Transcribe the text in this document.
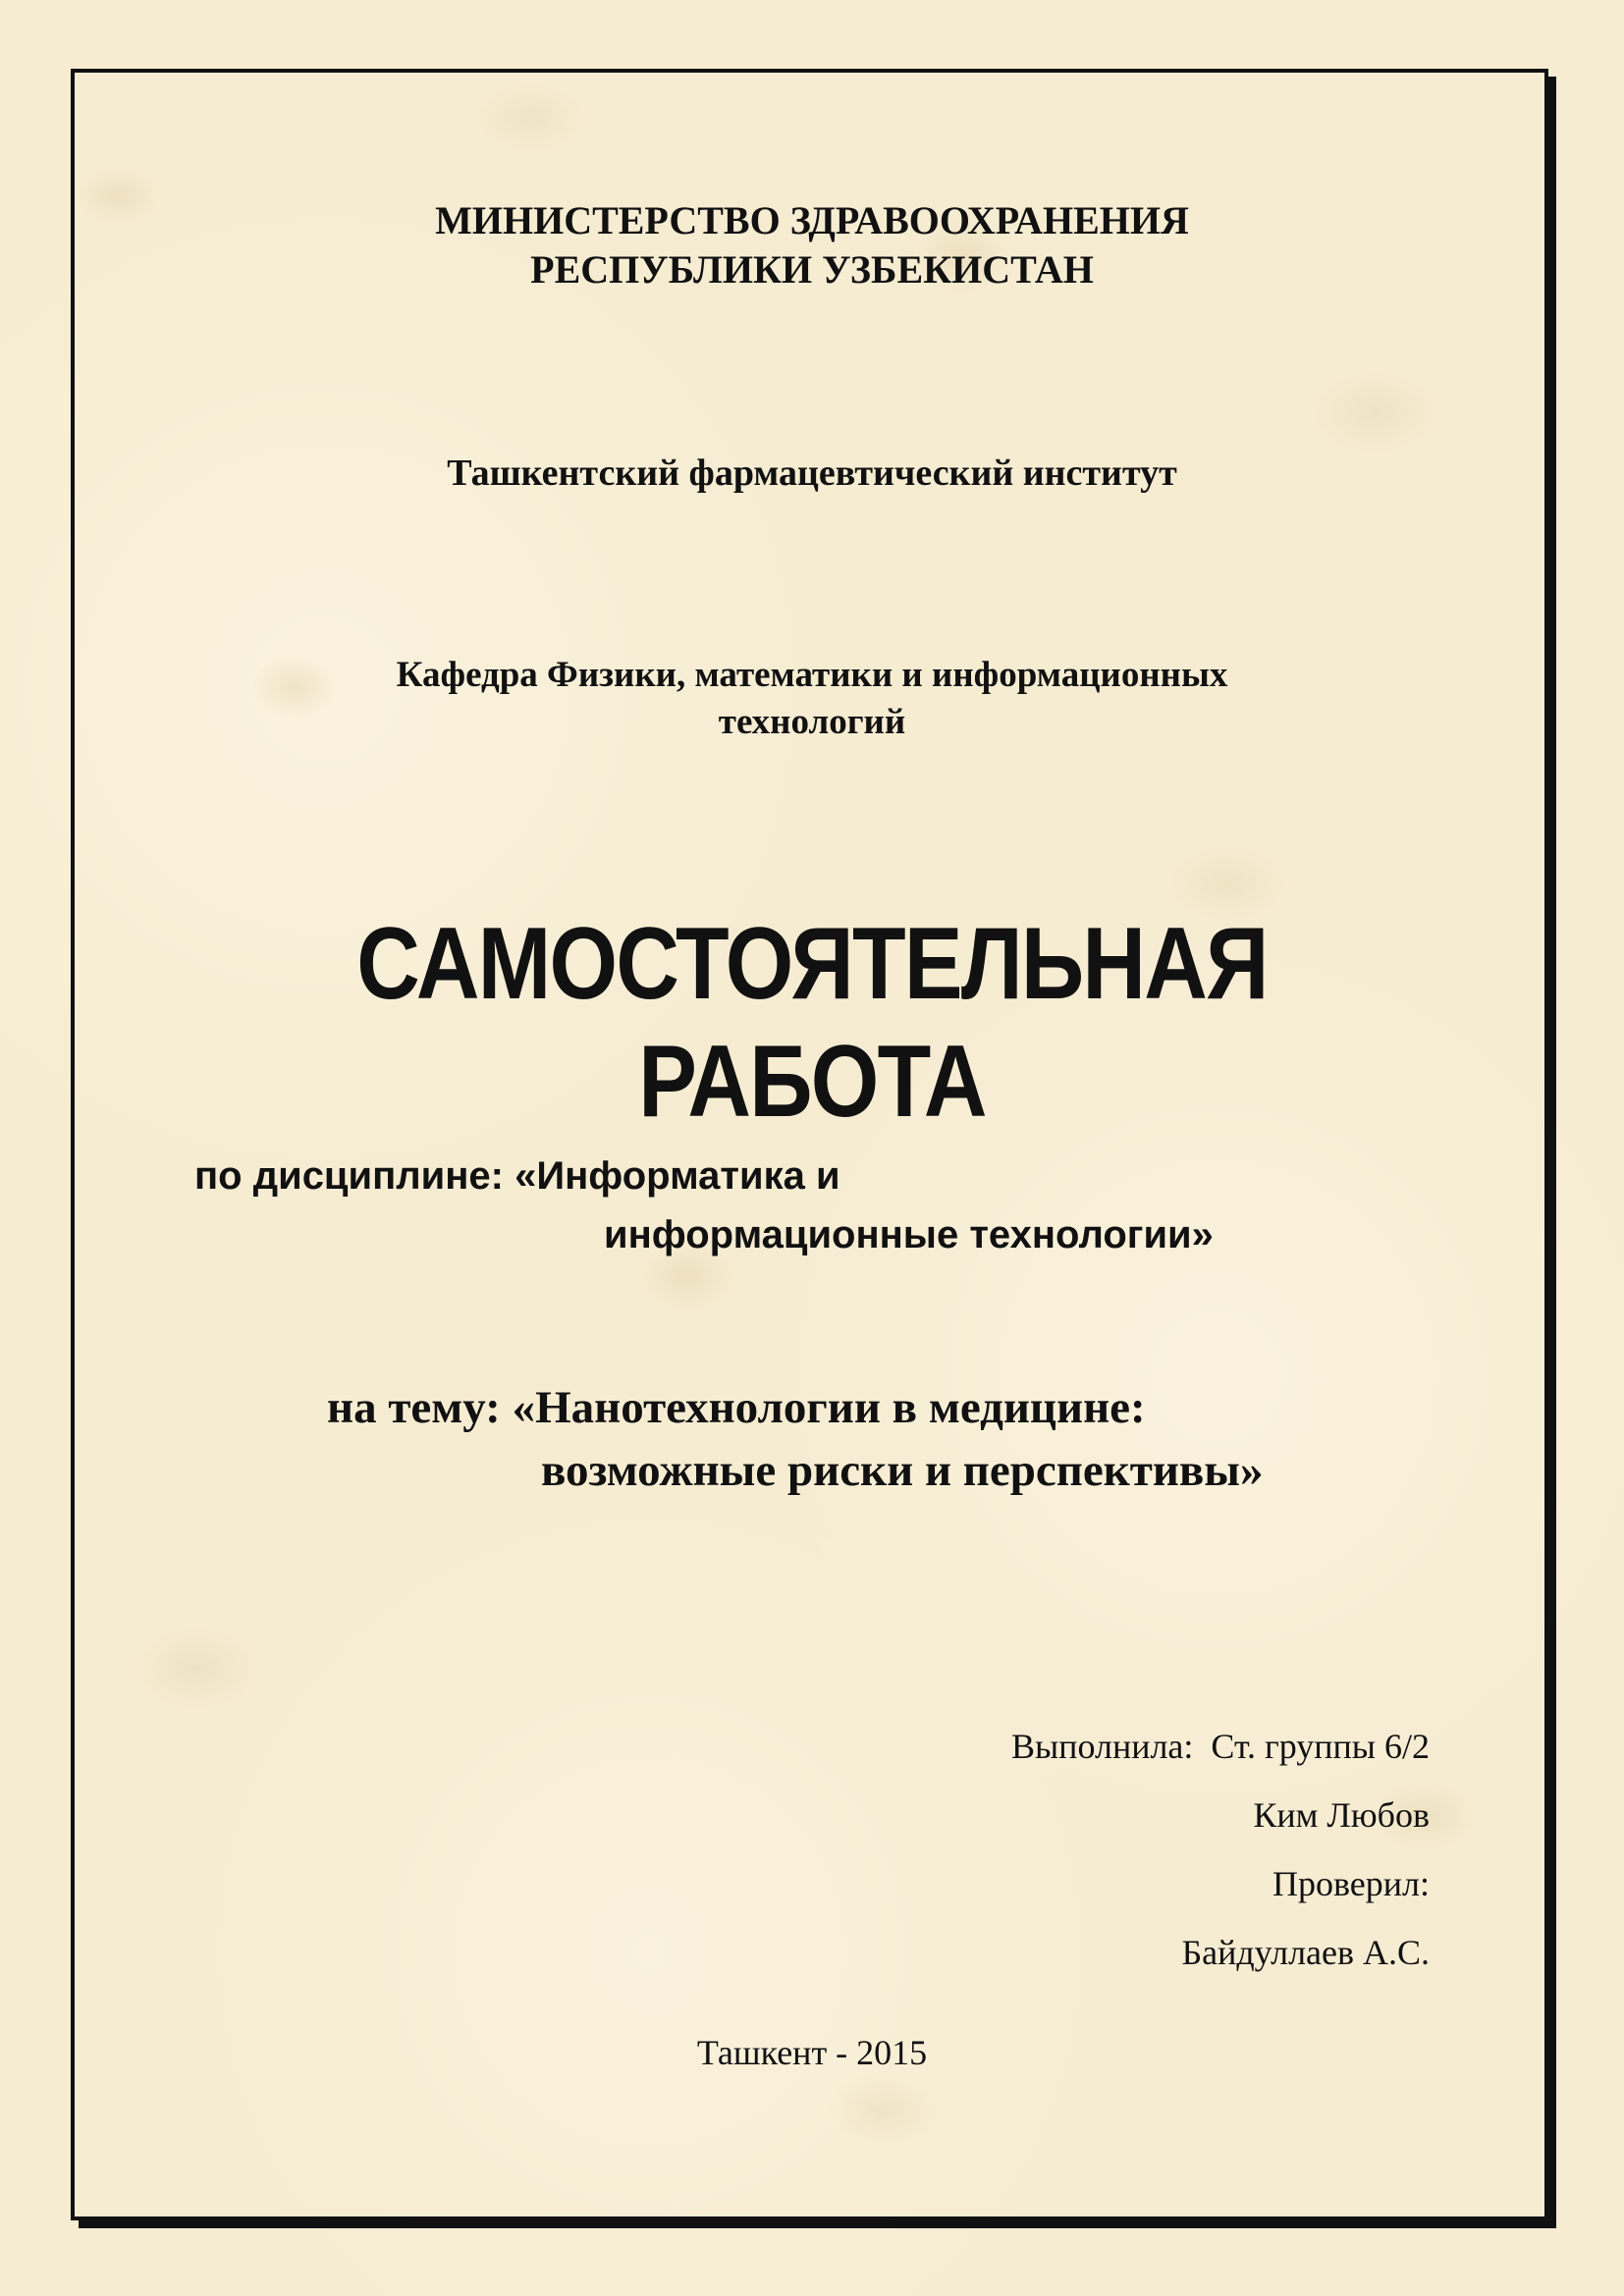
МИНИСТЕРСТВО ЗДРАВООХРАНЕНИЯ
РЕСПУБЛИКИ УЗБЕКИСТАН
Ташкентский фармацевтический институт
Кафедра Физики, математики и информационных
технологий
САМОСТОЯТЕЛЬНАЯ РАБОТА
по дисциплине: «Информатика и
информационные технологии»
на тему: «Нанотехнологии в медицине:
возможные риски и перспективы»
Выполнила:  Ст. группы 6/2
Ким Любов
Проверил:
Байдуллаев А.С.
Ташкент - 2015
